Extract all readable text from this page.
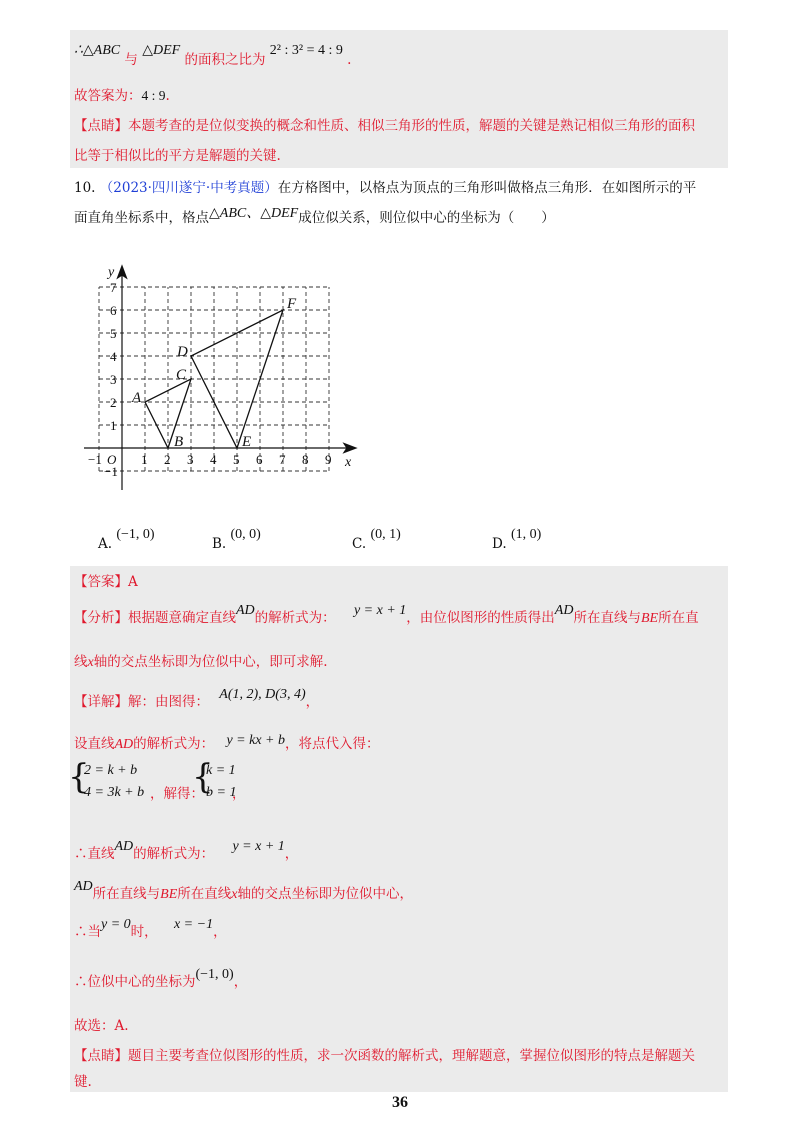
∴△ABC 与 △DEF 的面积之比为 2² : 3² = 4 : 9 .
故答案为：4 : 9.
【点睛】本题考查的是位似变换的概念和性质、相似三角形的性质，解题的关键是熟记相似三角形的面积
比等于相似比的平方是解题的关键.
10. （2023·四川遂宁·中考真题）在方格图中，以格点为顶点的三角形叫做格点三角形．在如图所示的平
面直角坐标系中，格点△ABC、△DEF成位似关系，则位似中心的坐标为（　　）
x
y
O
−1	1 2 3 4 5 6 7 8 9
−1
1
2
3
4
5
6
7
A
B
C
D
E
F
A. (−1, 0)
B. (0, 0)
C. (0, 1)
D. (1, 0)
【答案】A
【分析】根据题意确定直线AD的解析式为： y = x + 1，由位似图形的性质得出AD所在直线与BE所在直
线x轴的交点坐标即为位似中心，即可求解.
【详解】解：由图得： A(1, 2), D(3, 4)，
设直线AD的解析式为： y = kx + b，将点代入得：
{
2 = k + b
4 = 3k + b ，解得：
{
k = 1
b = 1
，
∴直线AD的解析式为： y = x + 1，
AD所在直线与BE所在直线x轴的交点坐标即为位似中心，
∴当y = 0时， x = −1，
∴位似中心的坐标为(−1, 0)，
故选：A.
【点睛】题目主要考查位似图形的性质，求一次函数的解析式，理解题意，掌握位似图形的特点是解题关
键.
36
